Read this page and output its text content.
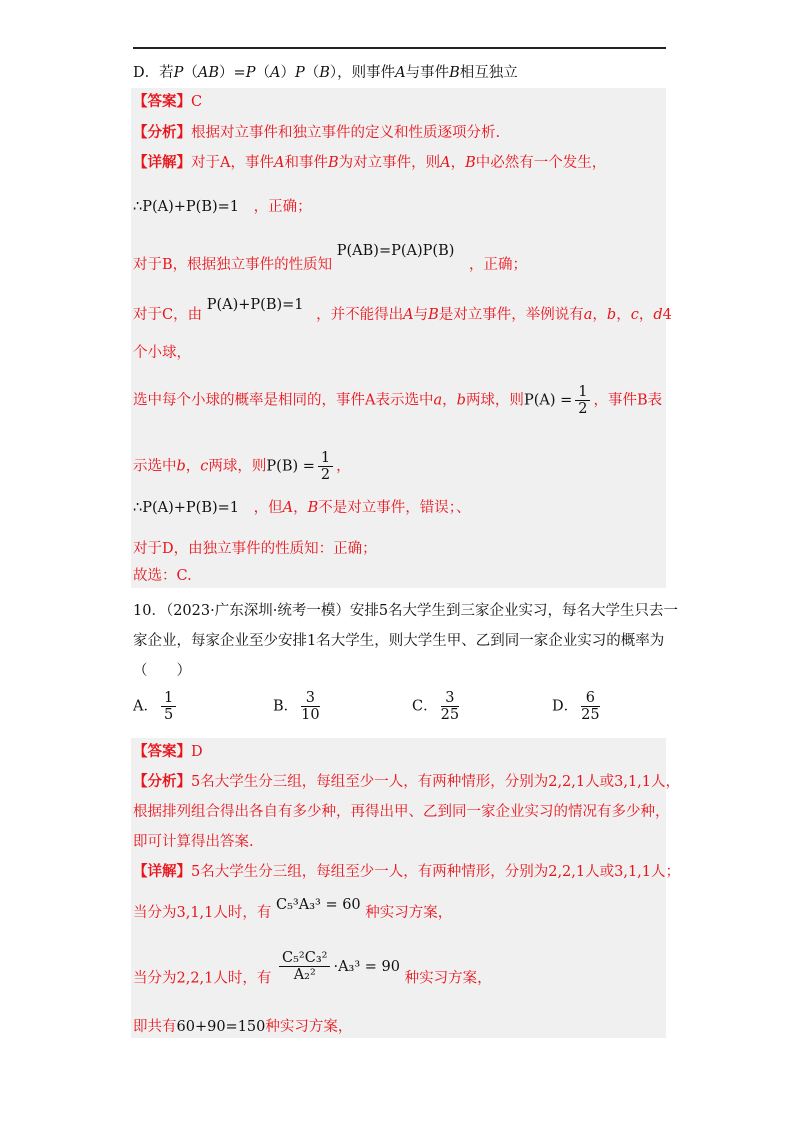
D．若P（AB）=P（A）P（B），则事件A与事件B相互独立
【答案】C
【分析】根据对立事件和独立事件的定义和性质逐项分析.
【详解】对于A，事件A和事件B为对立事件，则A，B中必然有一个发生，
∴P(A)+P(B)=1 ，正确；
对于B，根据独立事件的性质知 P(AB)=P(A)P(B) ，正确；
对于C，由 P(A)+P(B)=1 ，并不能得出A与B是对立事件，举例说有a，b，c，d4
个小球，
选中每个小球的概率是相同的，事件A表示选中a，b两球，则$P(A) = \frac{1}{2}$ ，事件B表
示选中b，c两球，则$P(B) = \frac{1}{2}$ ，
∴P(A)+P(B)=1 ，但A，B不是对立事件，错误；、
对于D，由独立事件的性质知：正确；
故选：C.
10．（2023·广东深圳·统考一模）安排5名大学生到三家企业实习，每名大学生只去一
家企业，每家企业至少安排1名大学生，则大学生甲、乙到同一家企业实习的概率为
（　　）
A． $\frac{1}{5}$	B． $\frac{3}{10}$	C． $\frac{3}{25}$	D． $\frac{6}{25}$
【答案】D
【分析】5名大学生分三组，每组至少一人，有两种情形，分别为2,2,1人或3,1,1人，
根据排列组合得出各自有多少种，再得出甲、乙到同一家企业实习的情况有多少种，
即可计算得出答案.
【详解】5名大学生分三组，每组至少一人，有两种情形，分别为2,2,1人或3,1,1人；
当分为3,1,1人时，有 C₅³A₃³ = 60 种实习方案，
当分为2,2,1人时，有 $\frac{\text{C₅²C₃²}}{\text{A₂²}} \cdot A_3^3 = 90$ 种实习方案，
即共有60+90=150种实习方案，
